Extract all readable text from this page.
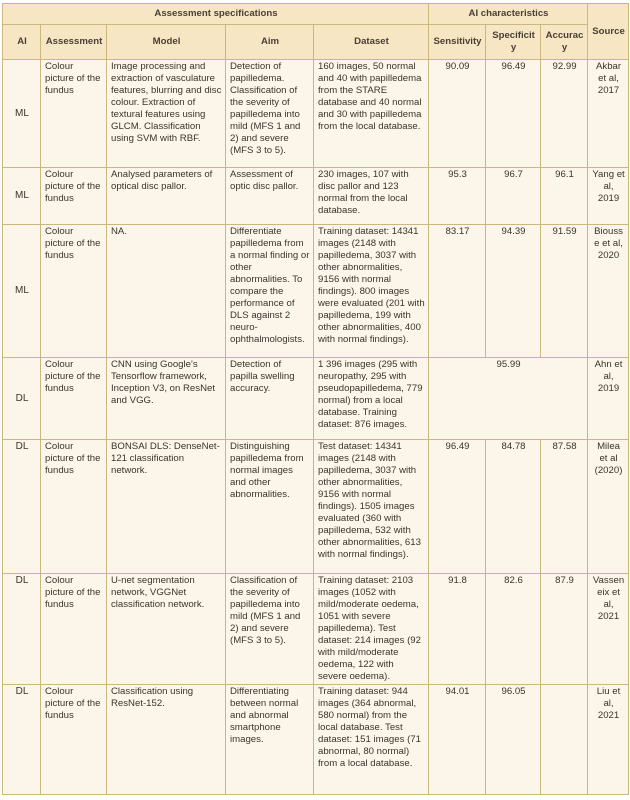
Assessment specifications					AI characteristics			Source
AI	Assessment	Model	Aim	Dataset	Sensitivity	Specificity	Accuracy	
ML	Colour picture of the fundus	Image processing and extraction of vasculature features, blurring and disc colour. Extraction of textural features using GLCM. Classification using SVM with RBF.	Detection of papilledema. Classification of the severity of papilledema into mild (MFS 1 and 2) and severe (MFS 3 to 5).	160 images, 50 normal and 40 with papilledema from the STARE database and 40 normal and 30 with papilledema from the local database.	90.09	96.49	92.99	Akbar et al, 2017
ML	Colour picture of the fundus	Analysed parameters of optical disc pallor.	Assessment of optic disc pallor.	230 images, 107 with disc pallor and 123 normal from the local database.	95.3	96.7	96.1	Yang et al, 2019
ML	Colour picture of the fundus	NA.	Differentiate papilledema from a normal finding or other abnormalities. To compare the performance of DLS against 2 neuro-ophthalmologists.	Training dataset: 14341 images (2148 with papilledema, 3037 with other abnormalities, 9156 with normal findings). 800 images were evaluated (201 with papilledema, 199 with other abnormalities, 400 with normal findings).	83.17	94.39	91.59	Biousse et al, 2020
DL	Colour picture of the fundus	CNN using Google's Tensorflow framework, Inception V3, on ResNet and VGG.	Detection of papilla swelling accuracy.	1 396 images (295 with neuropathy, 295 with pseudopapilledema, 779 normal) from a local database. Training dataset: 876 images.	95.99			Ahn et al, 2019
DL	Colour picture of the fundus	BONSAI DLS: DenseNet-121 classification network.	Distinguishing papilledema from normal images and other abnormalities.	Test dataset: 14341 images (2148 with papilledema, 3037 with other abnormalities, 9156 with normal findings). 1505 images evaluated (360 with papilledema, 532 with other abnormalities, 613 with normal findings).	96.49	84.78	87.58	Milea et al (2020)
DL	Colour picture of the fundus	U-net segmentation network, VGGNet classification network.	Classification of the severity of papilledema into mild (MFS 1 and 2) and severe (MFS 3 to 5).	Training dataset: 2103 images (1052 with mild/moderate oedema, 1051 with severe papilledema). Test dataset: 214 images (92 with mild/moderate oedema, 122 with severe oedema).	91.8	82.6	87.9	Vasseneix et al, 2021
DL	Colour picture of the fundus	Classification using ResNet-152.	Differentiating between normal and abnormal smartphone images.	Training dataset: 944 images (364 abnormal, 580 normal) from the local database. Test dataset: 151 images (71 abnormal, 80 normal) from a local database.	94.01	96.05		Liu et al, 2021
